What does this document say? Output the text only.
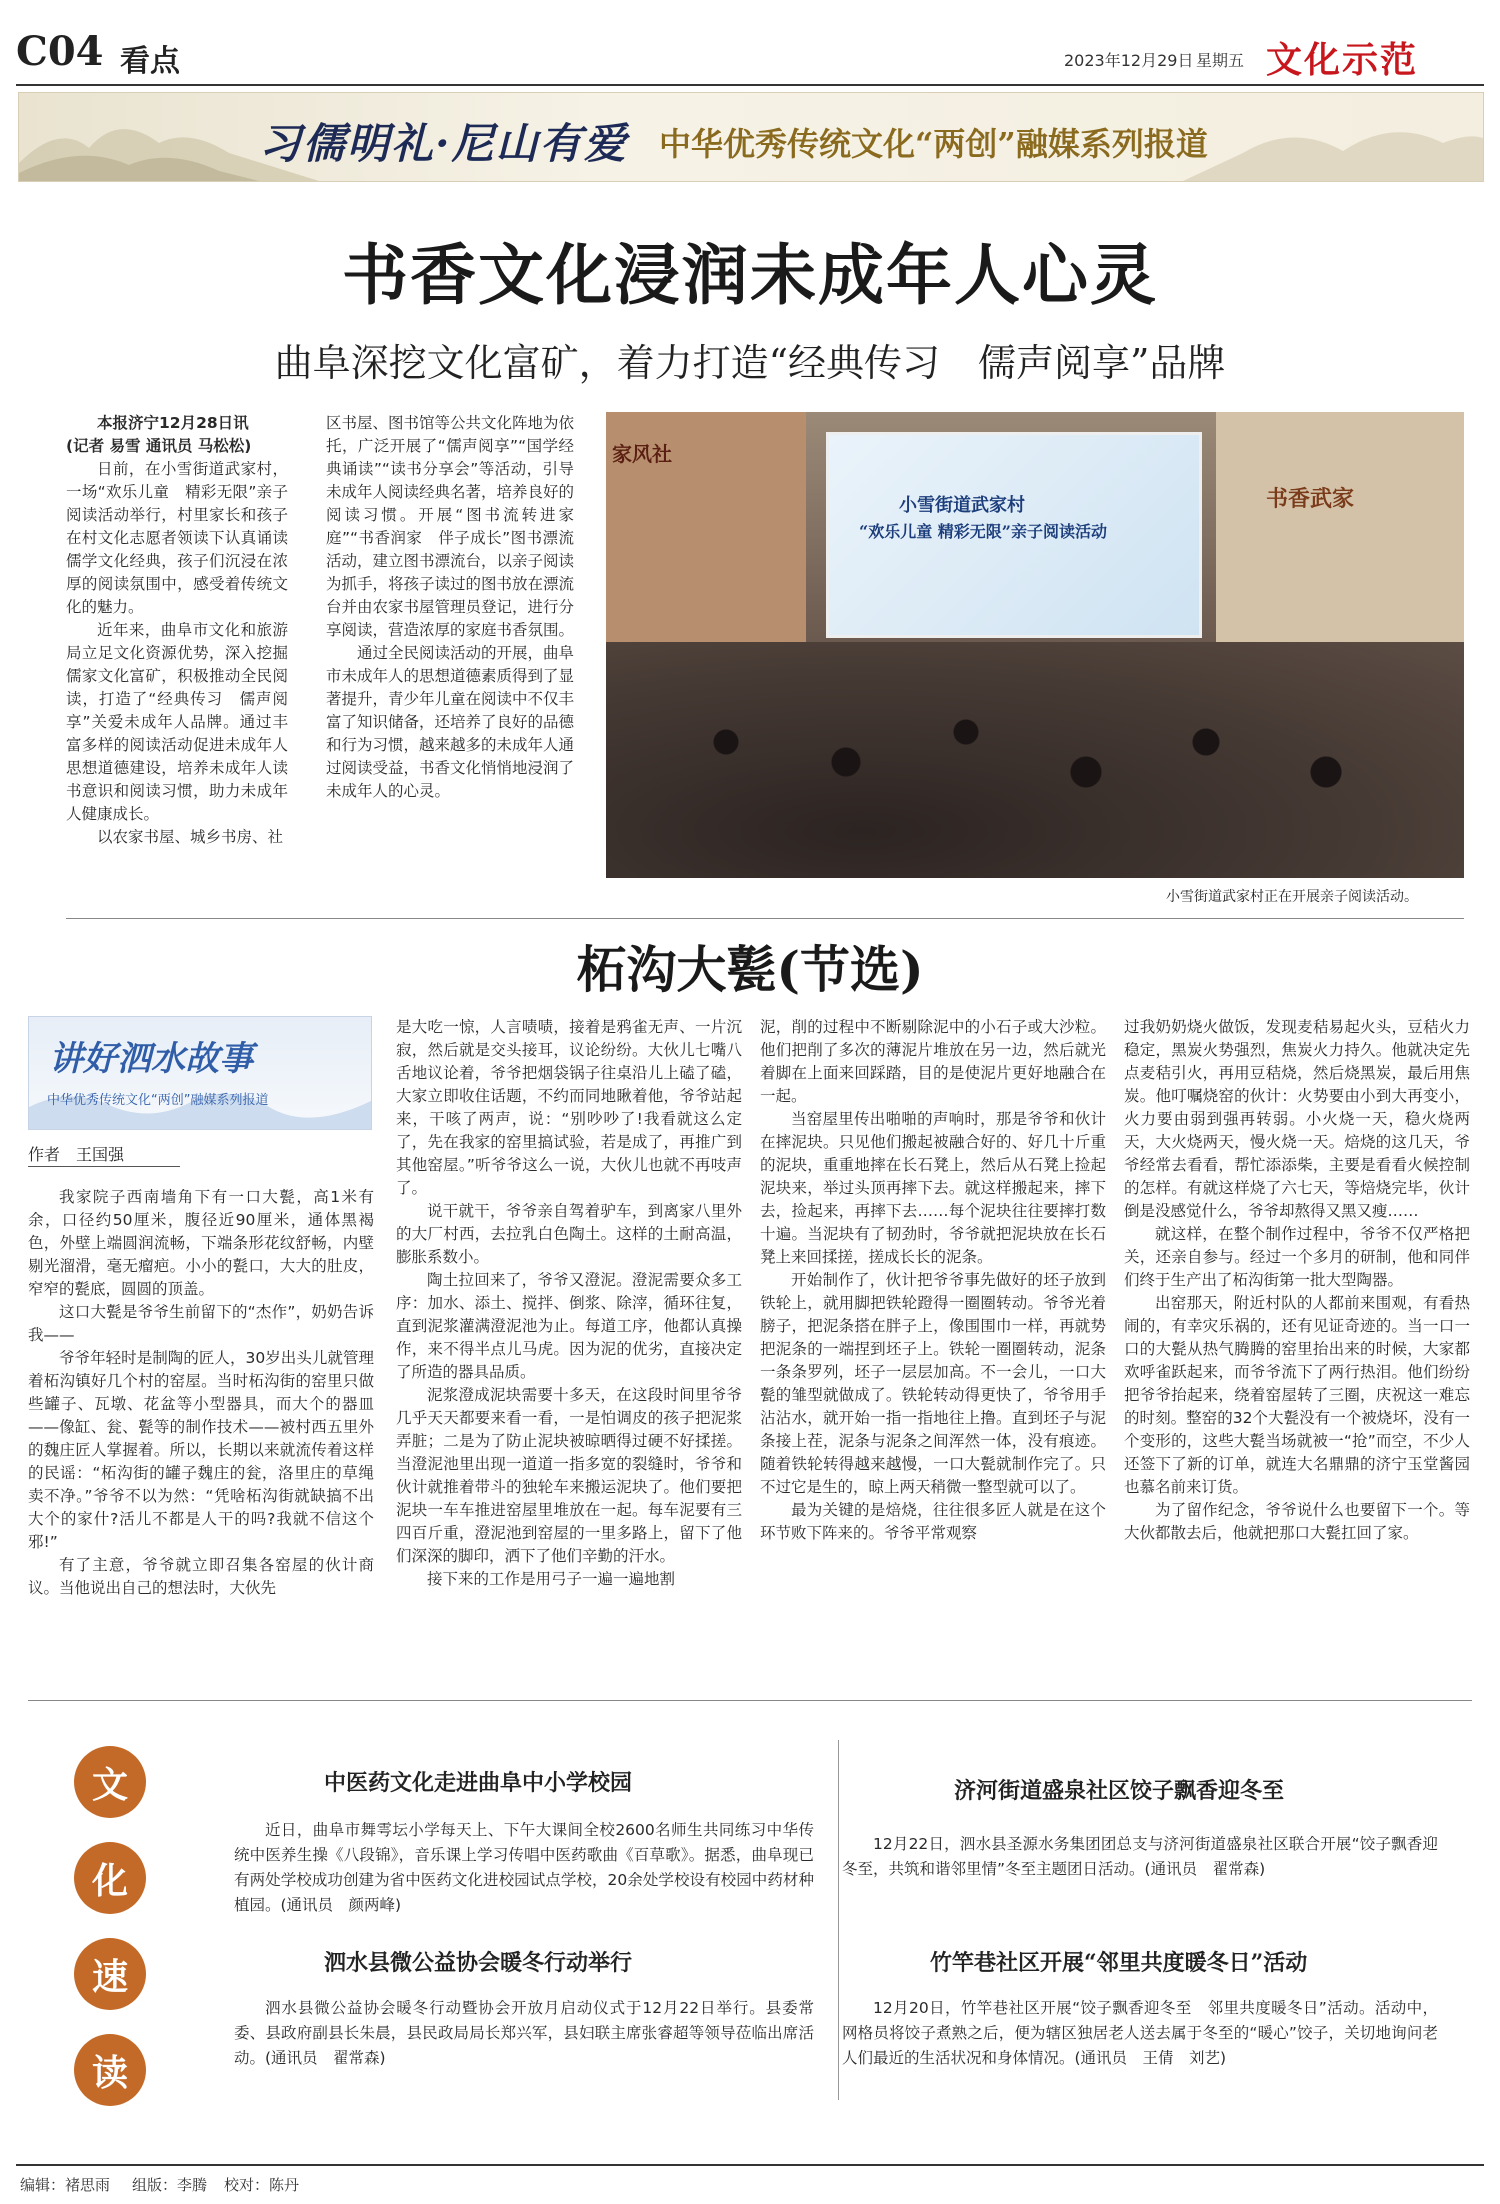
C04 看点	2023年12月29日 星期五 文化示范
习儒明礼·尼山有爱 中华优秀传统文化“两创”融媒系列报道
书香文化浸润未成年人心灵
曲阜深挖文化富矿，着力打造“经典传习　儒声阅享”品牌

本报济宁12月28日讯

(记者 易雪 通讯员 马松松)

日前，在小雪街道武家村，一场“欢乐儿童　精彩无限”亲子阅读活动举行，村里家长和孩子在村文化志愿者领读下认真诵读儒学文化经典，孩子们沉浸在浓厚的阅读氛围中，感受着传统文化的魅力。

近年来，曲阜市文化和旅游局立足文化资源优势，深入挖掘儒家文化富矿，积极推动全民阅读，打造了“经典传习　儒声阅享”关爱未成年人品牌。通过丰富多样的阅读活动促进未成年人思想道德建设，培养未成年人读书意识和阅读习惯，助力未成年人健康成长。

以农家书屋、城乡书房、社

区书屋、图书馆等公共文化阵地为依托，广泛开展了“儒声阅享”“国学经典诵读”“读书分享会”等活动，引导未成年人阅读经典名著，培养良好的阅读习惯。开展“图书流转进家庭”“书香润家　伴子成长”图书漂流活动，建立图书漂流台，以亲子阅读为抓手，将孩子读过的图书放在漂流台并由农家书屋管理员登记，进行分享阅读，营造浓厚的家庭书香氛围。

通过全民阅读活动的开展，曲阜市未成年人的思想道德素质得到了显著提升，青少年儿童在阅读中不仅丰富了知识储备，还培养了良好的品德和行为习惯，越来越多的未成年人通过阅读受益，书香文化悄悄地浸润了未成年人的心灵。

家风社
书香武家
小雪街道武家村
“欢乐儿童 精彩无限”亲子阅读活动
小雪街道武家村正在开展亲子阅读活动。
柘沟大甏(节选)
讲好泗水故事
中华优秀传统文化“两创”融媒系列报道
作者　王国强

我家院子西南墙角下有一口大甏，高1米有余，口径约50厘米，腹径近90厘米，通体黑褐色，外壁上端圆润流畅，下端条形花纹舒畅，内壁剔光溜滑，毫无瘤疤。小小的甏口，大大的肚皮，窄窄的甏底，圆圆的顶盖。

这口大甏是爷爷生前留下的“杰作”，奶奶告诉我——

爷爷年轻时是制陶的匠人，30岁出头儿就管理着柘沟镇好几个村的窑屋。当时柘沟街的窑里只做些罐子、瓦墩、花盆等小型器具，而大个的器皿——像缸、瓮、甏等的制作技术——被村西五里外的魏庄匠人掌握着。所以，长期以来就流传着这样的民谣：“柘沟街的罐子魏庄的瓮，洛里庄的草绳卖不净。”爷爷不以为然：“凭啥柘沟街就缺搞不出大个的家什?活儿不都是人干的吗?我就不信这个邪!”

有了主意，爷爷就立即召集各窑屋的伙计商议。当他说出自己的想法时，大伙先

是大吃一惊，人言啧啧，接着是鸦雀无声、一片沉寂，然后就是交头接耳，议论纷纷。大伙儿七嘴八舌地议论着，爷爷把烟袋锅子往桌沿儿上磕了磕，大家立即收住话题，不约而同地瞅着他，爷爷站起来，干咳了两声，说：“别吵吵了!我看就这么定了，先在我家的窑里搞试验，若是成了，再推广到其他窑屋。”听爷爷这么一说，大伙儿也就不再吱声了。

说干就干，爷爷亲自驾着驴车，到离家八里外的大厂村西，去拉乳白色陶土。这样的土耐高温，膨胀系数小。

陶土拉回来了，爷爷又澄泥。澄泥需要众多工序：加水、添土、搅拌、倒浆、除滓，循环往复，直到泥浆灌满澄泥池为止。每道工序，他都认真操作，来不得半点儿马虎。因为泥的优劣，直接决定了所造的器具品质。

泥浆澄成泥块需要十多天，在这段时间里爷爷几乎天天都要来看一看，一是怕调皮的孩子把泥浆弄脏；二是为了防止泥块被晾晒得过硬不好揉搓。当澄泥池里出现一道道一指多宽的裂缝时，爷爷和伙计就推着带斗的独轮车来搬运泥块了。他们要把泥块一车车推进窑屋里堆放在一起。每车泥要有三四百斤重，澄泥池到窑屋的一里多路上，留下了他们深深的脚印，洒下了他们辛勤的汗水。

接下来的工作是用弓子一遍一遍地割

泥，削的过程中不断剔除泥中的小石子或大沙粒。他们把削了多次的薄泥片堆放在另一边，然后就光着脚在上面来回踩踏，目的是使泥片更好地融合在一起。

当窑屋里传出啪啪的声响时，那是爷爷和伙计在摔泥块。只见他们搬起被融合好的、好几十斤重的泥块，重重地摔在长石凳上，然后从石凳上捡起泥块来，举过头顶再摔下去。就这样搬起来，摔下去，捡起来，再摔下去……每个泥块往往要摔打数十遍。当泥块有了韧劲时，爷爷就把泥块放在长石凳上来回揉搓，搓成长长的泥条。

开始制作了，伙计把爷爷事先做好的坯子放到铁轮上，就用脚把铁轮蹬得一圈圈转动。爷爷光着膀子，把泥条搭在胖子上，像围围巾一样，再就势把泥条的一端捏到坯子上。铁轮一圈圈转动，泥条一条条罗列，坯子一层层加高。不一会儿，一口大甏的雏型就做成了。铁轮转动得更快了，爷爷用手沾沾水，就开始一指一指地往上撸。直到坯子与泥条接上茬，泥条与泥条之间浑然一体，没有痕迹。随着铁轮转得越来越慢，一口大甏就制作完了。只不过它是生的，晾上两天稍微一整型就可以了。

最为关键的是焙烧，往往很多匠人就是在这个环节败下阵来的。爷爷平常观察

过我奶奶烧火做饭，发现麦秸易起火头，豆秸火力稳定，黑炭火势强烈，焦炭火力持久。他就决定先点麦秸引火，再用豆秸烧，然后烧黑炭，最后用焦炭。他叮嘱烧窑的伙计：火势要由小到大再变小，火力要由弱到强再转弱。小火烧一天，稳火烧两天，大火烧两天，慢火烧一天。焙烧的这几天，爷爷经常去看看，帮忙添添柴，主要是看看火候控制的怎样。有就这样烧了六七天，等焙烧完毕，伙计倒是没感觉什么，爷爷却熬得又黑又瘦……

就这样，在整个制作过程中，爷爷不仅严格把关，还亲自参与。经过一个多月的研制，他和同伴们终于生产出了柘沟街第一批大型陶器。

出窑那天，附近村队的人都前来围观，有看热闹的，有幸灾乐祸的，还有见证奇迹的。当一口一口的大甏从热气腾腾的窑里抬出来的时候，大家都欢呼雀跃起来，而爷爷流下了两行热泪。他们纷纷把爷爷抬起来，绕着窑屋转了三圈，庆祝这一难忘的时刻。整窑的32个大甏没有一个被烧坏，没有一个变形的，这些大甏当场就被一“抢”而空，不少人还签下了新的订单，就连大名鼎鼎的济宁玉堂酱园也慕名前来订货。

为了留作纪念，爷爷说什么也要留下一个。等大伙都散去后，他就把那口大甏扛回了家。

文
化
速
读
中医药文化走进曲阜中小学校园
近日，曲阜市舞雩坛小学每天上、下午大课间全校2600名师生共同练习中华传统中医养生操《八段锦》，音乐课上学习传唱中医药歌曲《百草歌》。据悉，曲阜现已有两处学校成功创建为省中医药文化进校园试点学校，20余处学校设有校园中药材种植园。(通讯员　颜两峰)
泗水县微公益协会暖冬行动举行
泗水县微公益协会暖冬行动暨协会开放月启动仪式于12月22日举行。县委常委、县政府副县长朱晨，县民政局局长郑兴军，县妇联主席张睿超等领导莅临出席活动。(通讯员　翟常森)
济河街道盛泉社区饺子飘香迎冬至
12月22日，泗水县圣源水务集团团总支与济河街道盛泉社区联合开展“饺子飘香迎冬至，共筑和谐邻里情”冬至主题团日活动。(通讯员　翟常森)
竹竿巷社区开展“邻里共度暖冬日”活动
12月20日，竹竿巷社区开展“饺子飘香迎冬至　邻里共度暖冬日”活动。活动中，网格员将饺子煮熟之后，便为辖区独居老人送去属于冬至的“暖心”饺子，关切地询问老人们最近的生活状况和身体情况。(通讯员　王倩　刘艺)
编辑：褚思雨 组版：李腾 校对：陈丹
